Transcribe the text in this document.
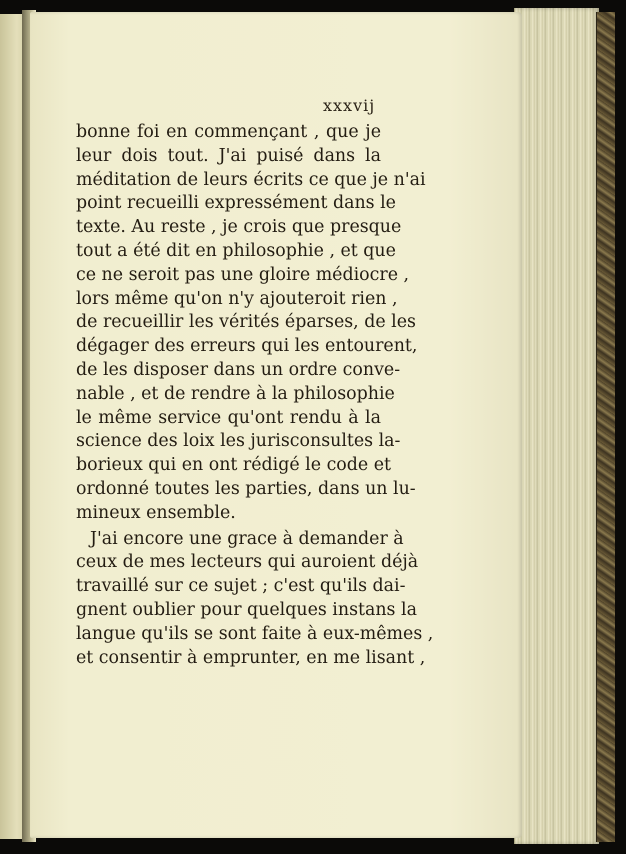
xxxvij
bonne foi en commençant , que je
leur dois tout. J'ai puisé dans la
méditation de leurs écrits ce que je n'ai
point recueilli expressément dans le
texte. Au reste , je crois que presque
tout a été dit en philosophie , et que
ce ne seroit pas une gloire médiocre ,
lors même qu'on n'y ajouteroit rien ,
de recueillir les vérités éparses, de les
dégager des erreurs qui les entourent,
de les disposer dans un ordre conve-
nable , et de rendre à la philosophie
le même service qu'ont rendu à la
science des loix les jurisconsultes la-
borieux qui en ont rédigé le code et
ordonné toutes les parties, dans un lu-
mineux ensemble.
J'ai encore une grace à demander à
ceux de mes lecteurs qui auroient déjà
travaillé sur ce sujet ; c'est qu'ils dai-
gnent oublier pour quelques instans la
langue qu'ils se sont faite à eux-mêmes ,
et consentir à emprunter, en me lisant ,
